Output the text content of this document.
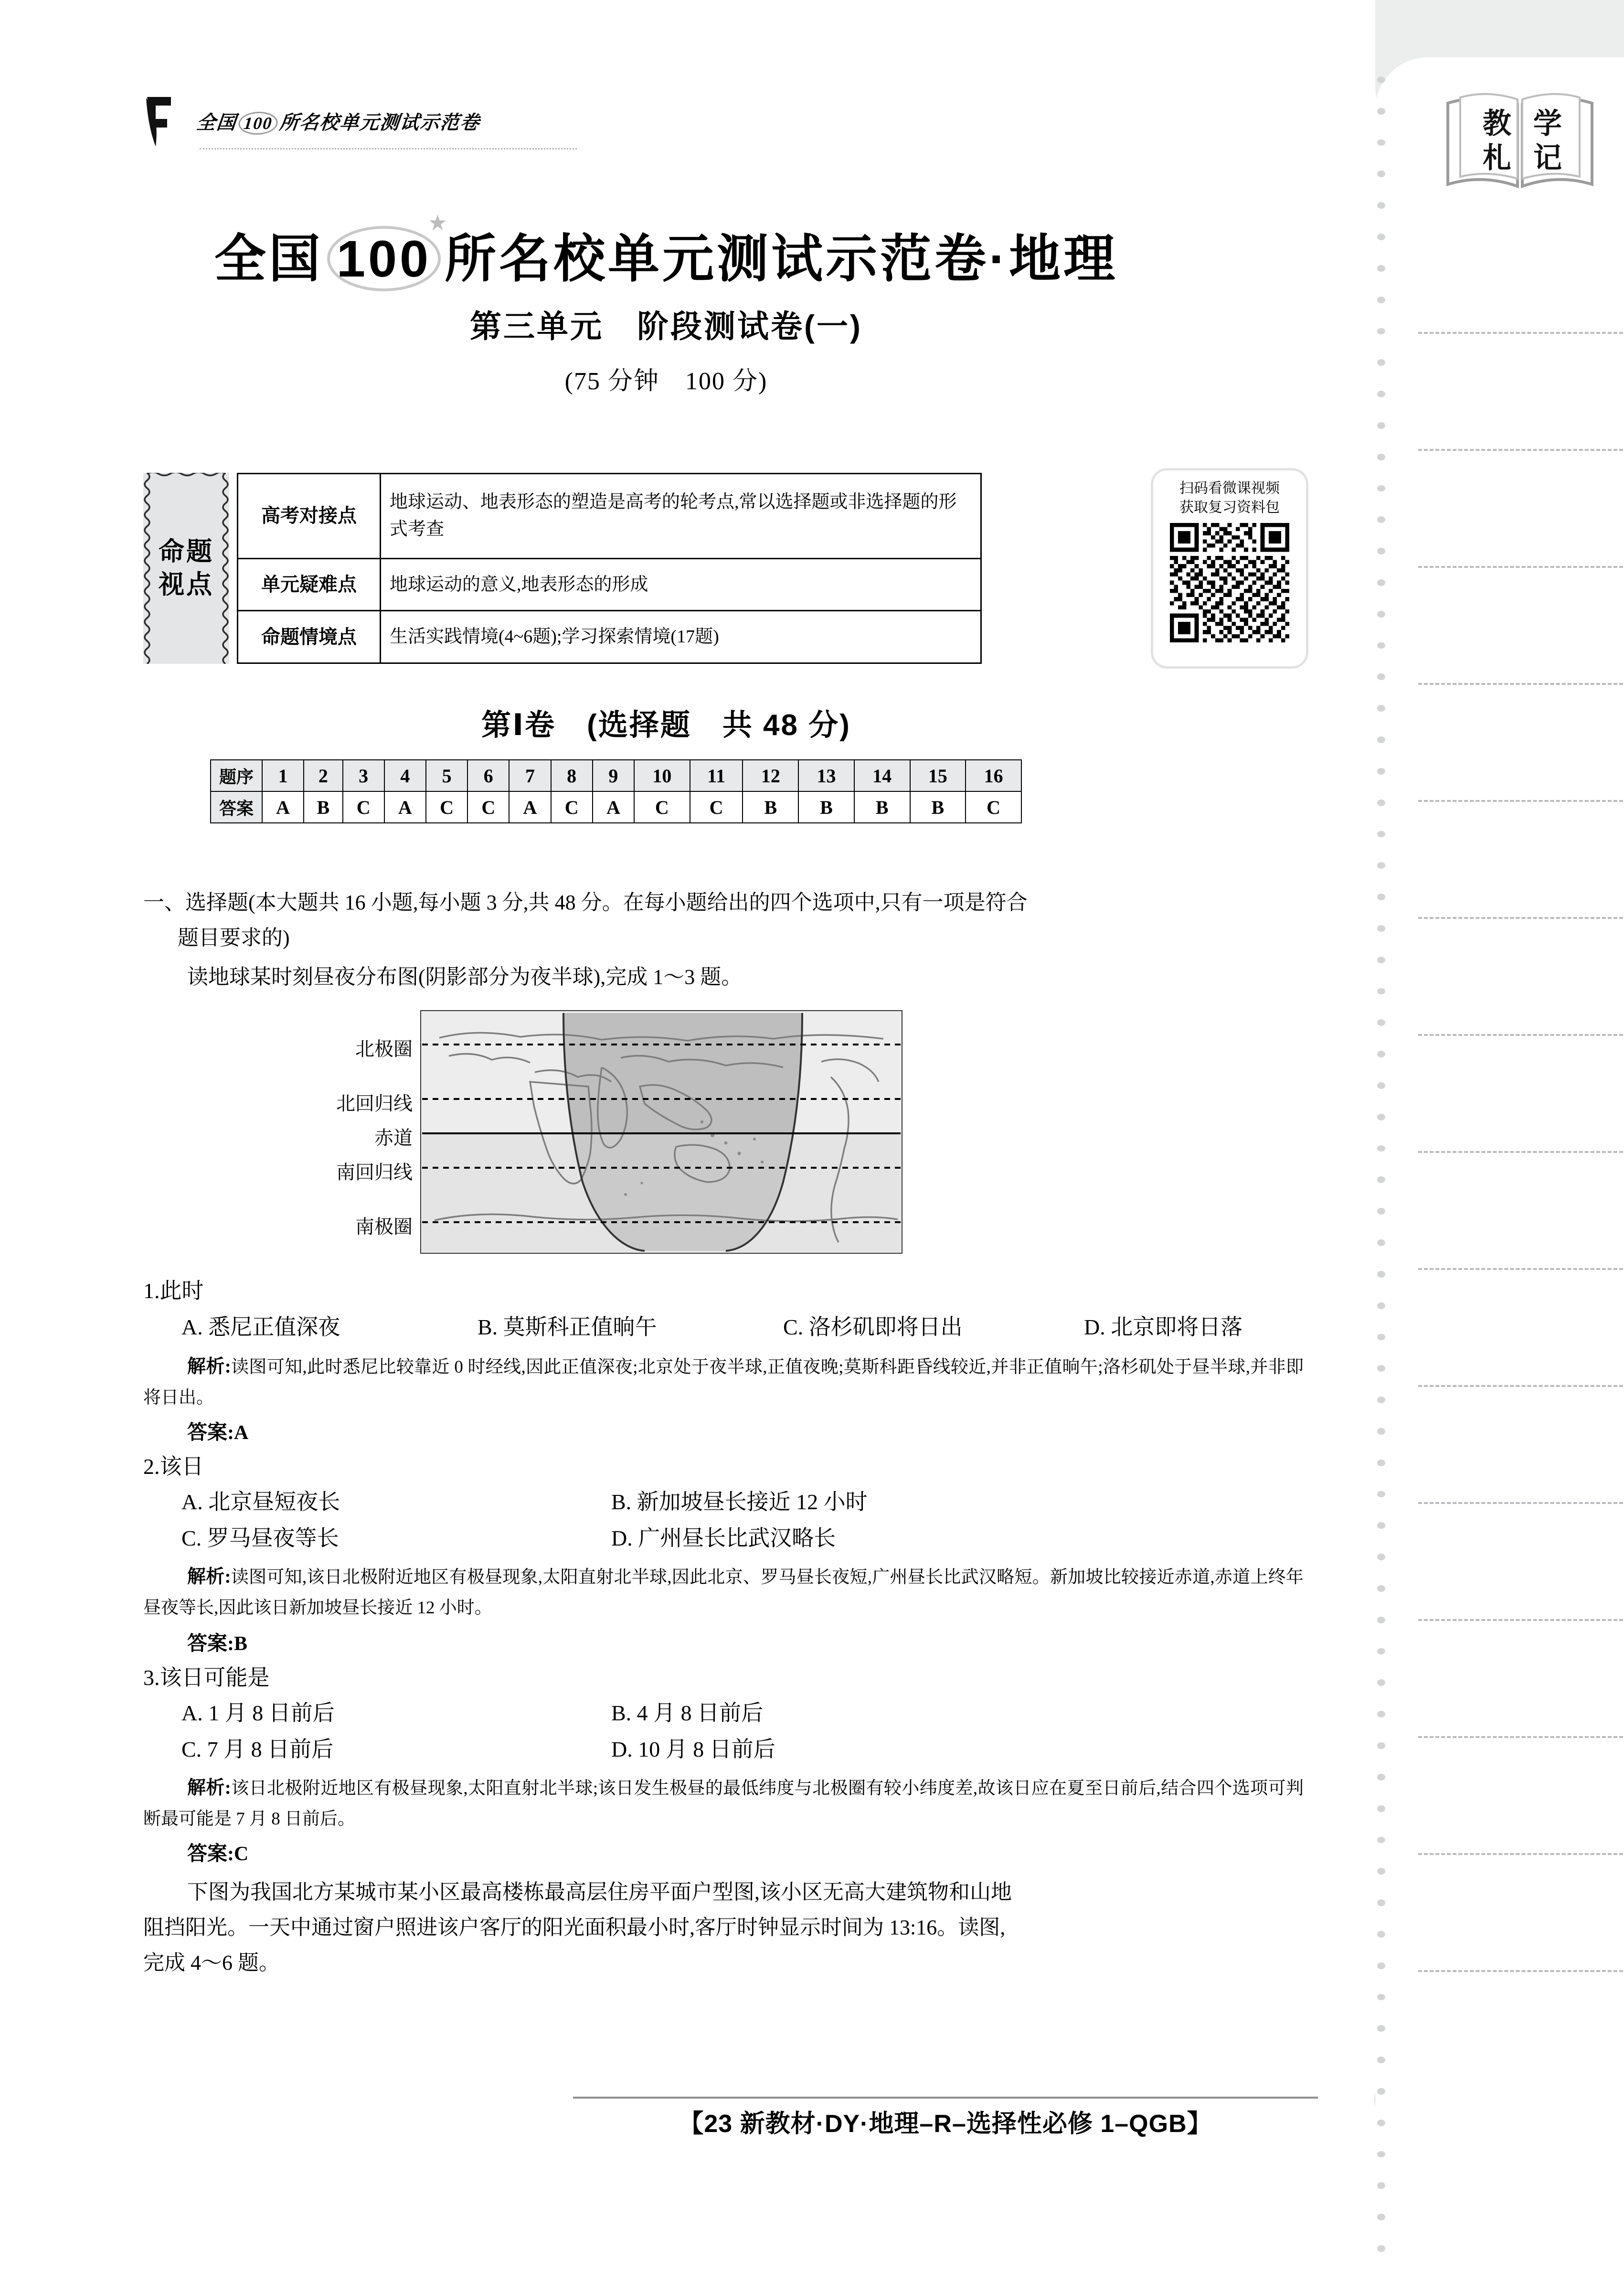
全国 100 所名校单元测试示范卷
全国 100
★
所名校单元测试示范卷·地理
第三单元　阶段测试卷(一)
(75 分钟　100 分)
命题
视点
高考对接点	地球运动、地表形态的塑造是高考的轮考点,常以选择题或非选择题的形式考查
单元疑难点	地球运动的意义,地表形态的形成
命题情境点	生活实践情境(4~6题);学习探索情境(17题)
扫码看微课视频
获取复习资料包
第Ⅰ卷　(选择题　共 48 分)
题序	1	2	3	4	5	6	7	8	9	10	11	12	13	14	15	16
答案	A	B	C	A	C	C	A	C	A	C	C	B	B	B	B	C
一、选择题(本大题共 16 小题,每小题 3 分,共 48 分。在每小题给出的四个选项中,只有一项是符合
题目要求的)
读地球某时刻昼夜分布图(阴影部分为夜半球),完成 1～3 题。
北极圈
北回归线
赤道
南回归线
南极圈
1.此时
A. 悉尼正值深夜	B. 莫斯科正值晌午	C. 洛杉矶即将日出	D. 北京即将日落
解析:读图可知,此时悉尼比较靠近 0 时经线,因此正值深夜;北京处于夜半球,正值夜晚;莫斯科距昏线较近,并非正值晌午;洛杉矶处于昼半球,并非即将日出。
答案:A
2.该日
A. 北京昼短夜长	B. 新加坡昼长接近 12 小时
C. 罗马昼夜等长	D. 广州昼长比武汉略长
解析:读图可知,该日北极附近地区有极昼现象,太阳直射北半球,因此北京、罗马昼长夜短,广州昼长比武汉略短。新加坡比较接近赤道,赤道上终年昼夜等长,因此该日新加坡昼长接近 12 小时。
答案:B
3.该日可能是
A. 1 月 8 日前后	B. 4 月 8 日前后
C. 7 月 8 日前后	D. 10 月 8 日前后
解析:该日北极附近地区有极昼现象,太阳直射北半球;该日发生极昼的最低纬度与北极圈有较小纬度差,故该日应在夏至日前后,结合四个选项可判断最可能是 7 月 8 日前后。
答案:C
下图为我国北方某城市某小区最高楼栋最高层住房平面户型图,该小区无高大建筑物和山地
阻挡阳光。一天中通过窗户照进该户客厅的阳光面积最小时,客厅时钟显示时间为 13:16。读图,
完成 4～6 题。
【23 新教材·DY·地理–R–选择性必修 1–QGB】
教札
学记
